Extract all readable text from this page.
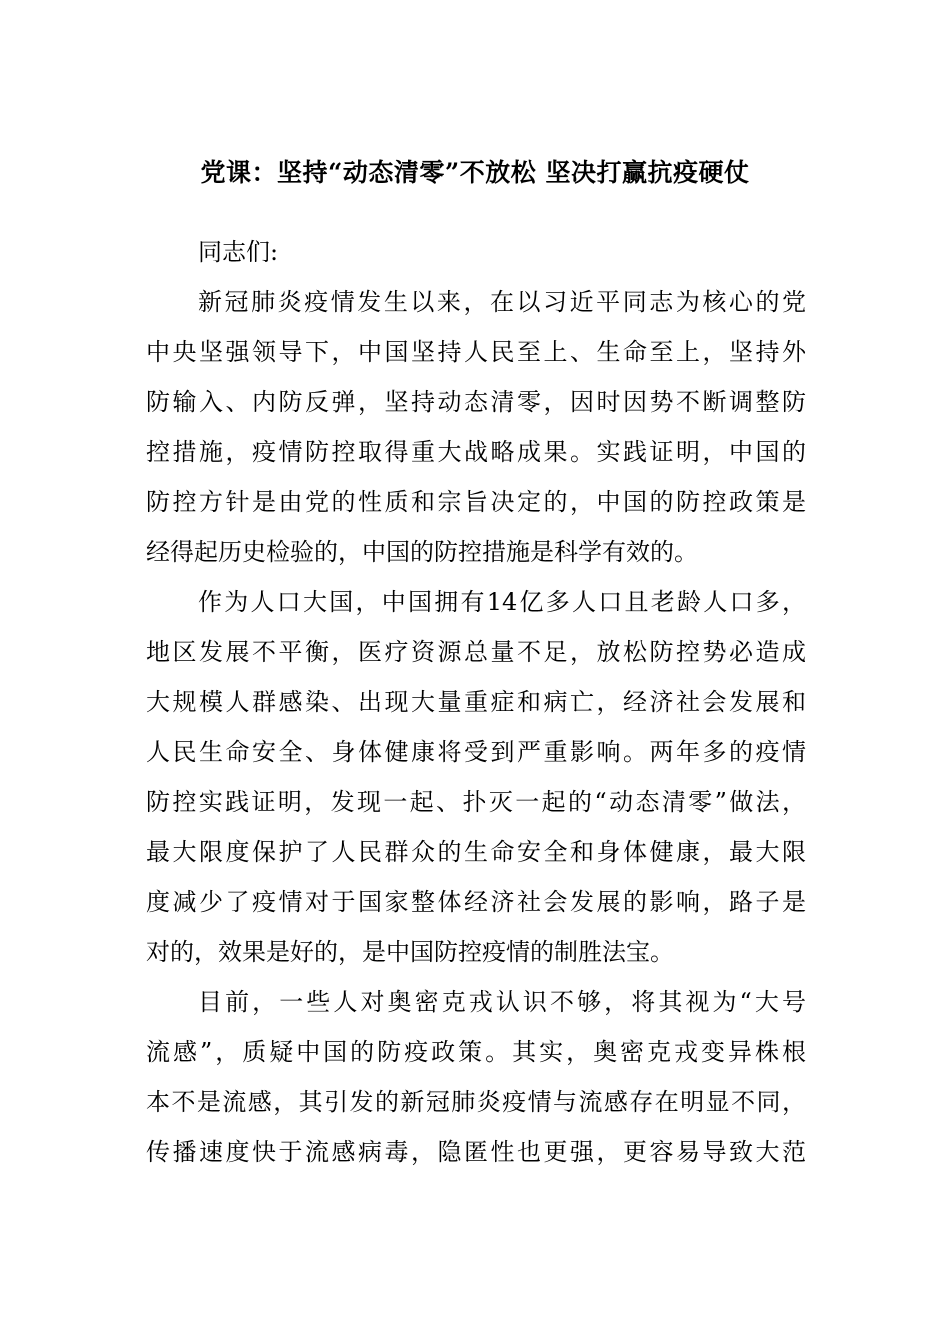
党课：坚持“动态清零”不放松 坚决打赢抗疫硬仗
同志们:
新冠肺炎疫情发生以来，在以习近平同志为核心的党
中央坚强领导下，中国坚持人民至上、生命至上，坚持外
防输入、内防反弹，坚持动态清零，因时因势不断调整防
控措施，疫情防控取得重大战略成果。实践证明，中国的
防控方针是由党的性质和宗旨决定的，中国的防控政策是
经得起历史检验的，中国的防控措施是科学有效的。
作为人口大国，中国拥有14亿多人口且老龄人口多，
地区发展不平衡，医疗资源总量不足，放松防控势必造成
大规模人群感染、出现大量重症和病亡，经济社会发展和
人民生命安全、身体健康将受到严重影响。两年多的疫情
防控实践证明，发现一起、扑灭一起的“动态清零”做法，
最大限度保护了人民群众的生命安全和身体健康，最大限
度减少了疫情对于国家整体经济社会发展的影响，路子是
对的，效果是好的，是中国防控疫情的制胜法宝。
目前，一些人对奥密克戎认识不够，将其视为“大号
流感”，质疑中国的防疫政策。其实，奥密克戎变异株根
本不是流感，其引发的新冠肺炎疫情与流感存在明显不同，
传播速度快于流感病毒，隐匿性也更强，更容易导致大范
